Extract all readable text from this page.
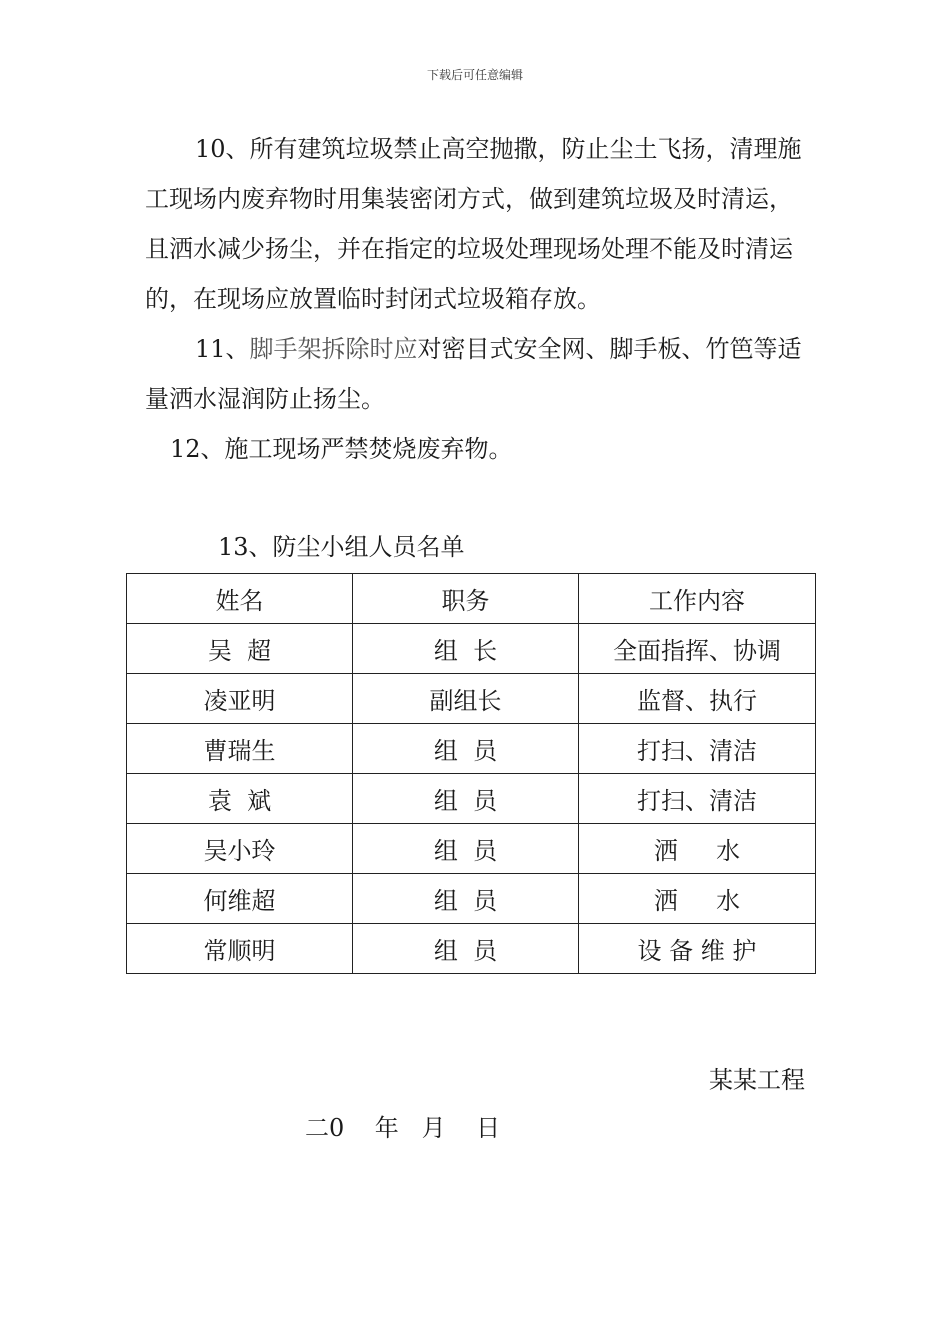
下载后可任意编辑

10、所有建筑垃圾禁止高空抛撒，防止尘土飞扬，清理施工现场内废弃物时用集装密闭方式，做到建筑垃圾及时清运，且洒水减少扬尘，并在指定的垃圾处理现场处理不能及时清运的，在现场应放置临时封闭式垃圾箱存放。

11、脚手架拆除时应对密目式安全网、脚手板、竹笆等适量洒水湿润防止扬尘。

12、施工现场严禁焚烧废弃物。

13、防尘小组人员名单

姓名	职务	工作内容
吴  超	组  长	全面指挥、协调
凌亚明	副组长	监督、执行
曹瑞生	组  员	打扫、清洁
袁  斌	组  员	打扫、清洁
吴小玲	组  员	洒     水
何维超	组  员	洒     水
常顺明	组  员	设 备 维 护
某某工程
二0    年   月    日
